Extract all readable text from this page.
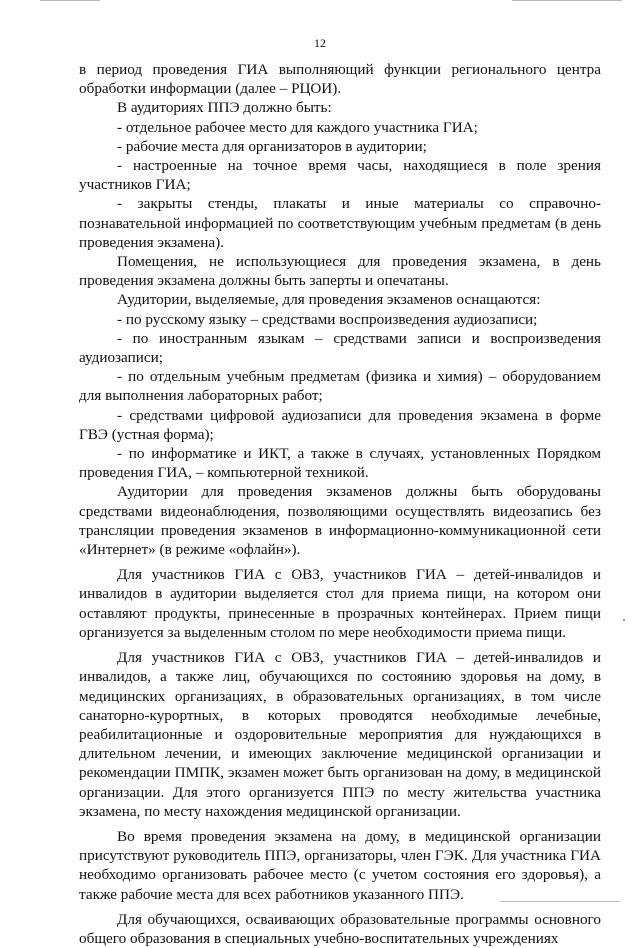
12

в период проведения ГИА выполняющий функции регионального центра обработки информации (далее – РЦОИ).

В аудиториях ППЭ должно быть:

- отдельное рабочее место для каждого участника ГИА;

- рабочие места для организаторов в аудитории;

- настроенные на точное время часы, находящиеся в поле зрения участников ГИА;

- закрыты стенды, плакаты и иные материалы со справочно-познавательной информацией по соответствующим учебным предметам (в день проведения экзамена).

Помещения, не использующиеся для проведения экзамена, в день проведения экзамена должны быть заперты и опечатаны.

Аудитории, выделяемые, для проведения экзаменов оснащаются:

- по русскому языку – средствами воспроизведения аудиозаписи;

- по иностранным языкам – средствами записи и воспроизведения аудиозаписи;

- по отдельным учебным предметам (физика и химия) – оборудованием для выполнения лабораторных работ;

- средствами цифровой аудиозаписи для проведения экзамена в форме ГВЭ (устная форма);

- по информатике и ИКТ, а также в случаях, установленных Порядком проведения ГИА, – компьютерной техникой.

Аудитории для проведения экзаменов должны быть оборудованы средствами видеонаблюдения, позволяющими осуществлять видеозапись без трансляции проведения экзаменов в информационно-коммуникационной сети «Интернет» (в режиме «офлайн»).

Для участников ГИА с ОВЗ, участников ГИА – детей-инвалидов и инвалидов в аудитории выделяется стол для приема пищи, на котором они оставляют продукты, принесенные в прозрачных контейнерах. Прием пищи организуется за выделенным столом по мере необходимости приема пищи.

Для участников ГИА с ОВЗ, участников ГИА – детей-инвалидов и инвалидов, а также лиц, обучающихся по состоянию здоровья на дому, в медицинских организациях, в образовательных организациях, в том числе санаторно-курортных, в которых проводятся необходимые лечебные, реабилитационные и оздоровительные мероприятия для нуждающихся в длительном лечении, и имеющих заключение медицинской организации и рекомендации ПМПК, экзамен может быть организован на дому, в медицинской организации. Для этого организуется ППЭ по месту жительства участника экзамена, по месту нахождения медицинской организации.

Во время проведения экзамена на дому, в медицинской организации присутствуют руководитель ППЭ, организаторы, член ГЭК. Для участника ГИА необходимо организовать рабочее место (с учетом состояния его здоровья), а также рабочие места для всех работников указанного ППЭ.

Для обучающихся, осваивающих образовательные программы основного общего образования в специальных учебно-воспитательных учреждениях
